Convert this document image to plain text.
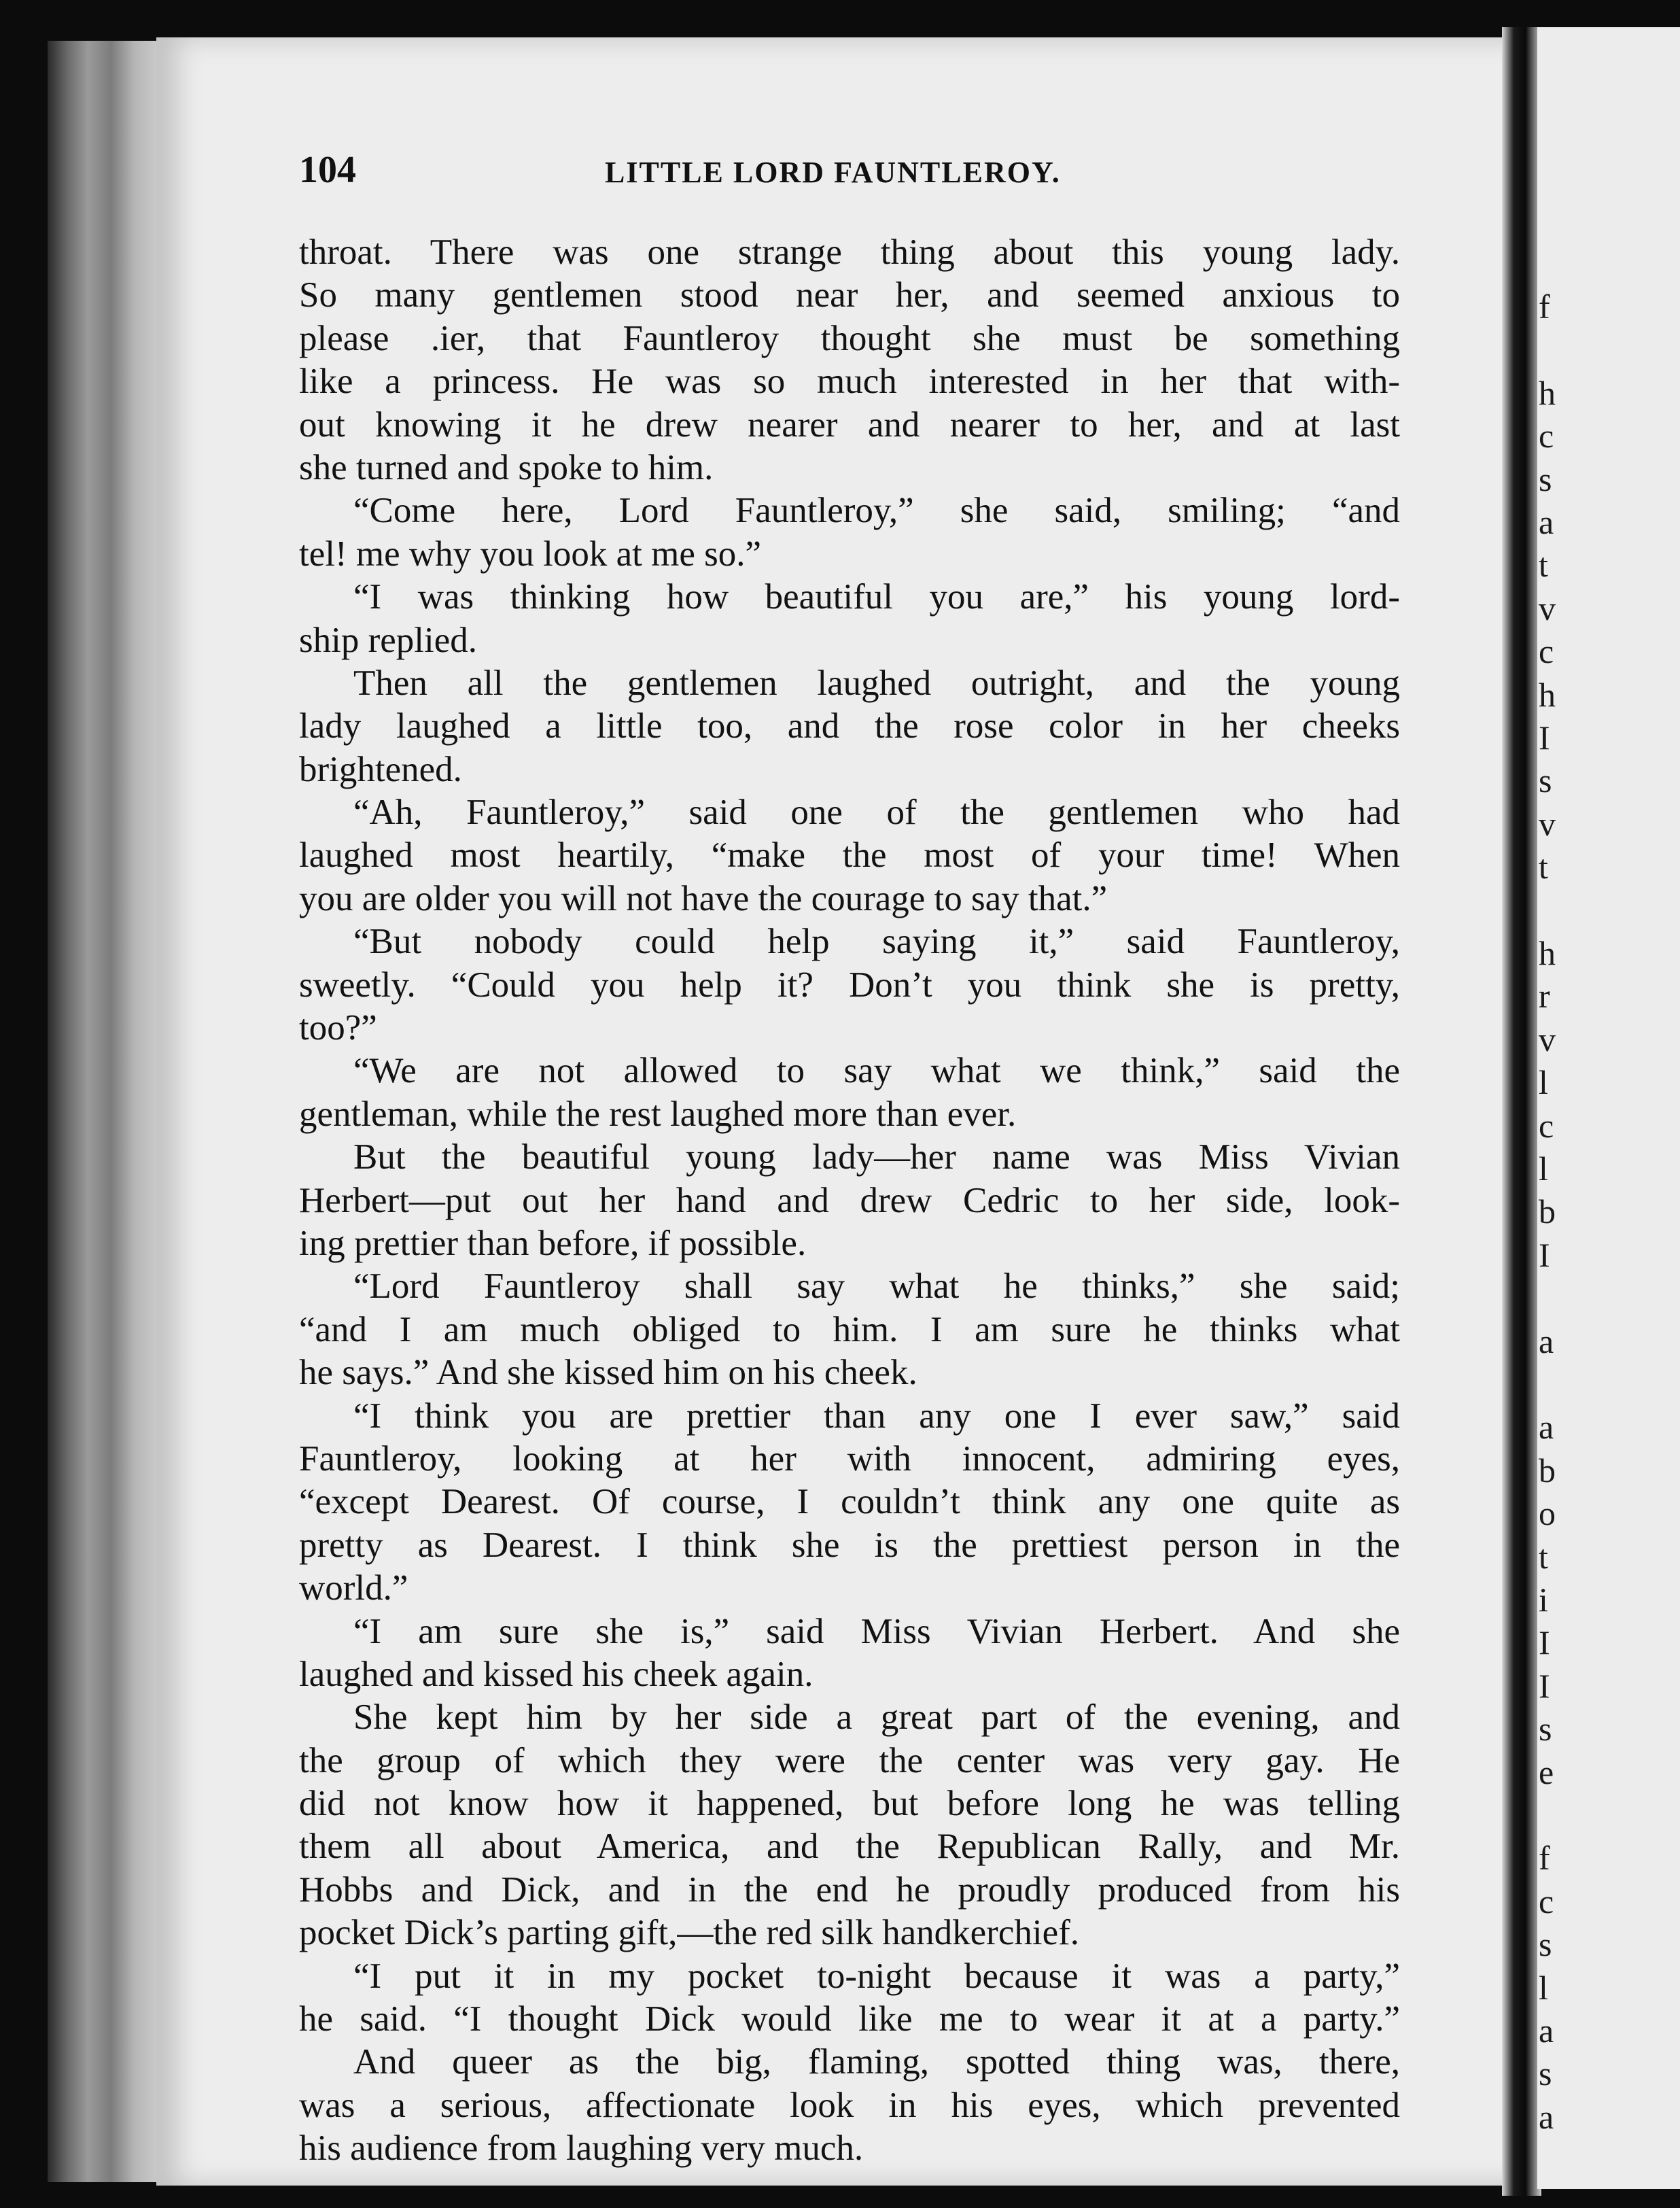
f
h
c
s
a
t
v
c
h
I
s
v
t
h
r
v
l
c
l
b
I
a
a
b
o
t
i
I
I
s
e
f
c
s
l
a
s
a
104	LITTLE LORD FAUNTLEROY.
throat. There was one strange thing about this young lady.
So many gentlemen stood near her, and seemed anxious to
please .ier, that Fauntleroy thought she must be something
like a princess. He was so much interested in her that with-
out knowing it he drew nearer and nearer to her, and at last
she turned and spoke to him.
“Come here, Lord Fauntleroy,” she said, smiling; “and
tel! me why you look at me so.”
“I was thinking how beautiful you are,” his young lord-
ship replied.
Then all the gentlemen laughed outright, and the young
lady laughed a little too, and the rose color in her cheeks
brightened.
“Ah, Fauntleroy,” said one of the gentlemen who had
laughed most heartily, “make the most of your time! When
you are older you will not have the courage to say that.”
“But nobody could help saying it,” said Fauntleroy,
sweetly. “Could you help it? Don’t you think she is pretty,
too?”
“We are not allowed to say what we think,” said the
gentleman, while the rest laughed more than ever.
But the beautiful young lady—her name was Miss Vivian
Herbert—put out her hand and drew Cedric to her side, look-
ing prettier than before, if possible.
“Lord Fauntleroy shall say what he thinks,” she said;
“and I am much obliged to him. I am sure he thinks what
he says.” And she kissed him on his cheek.
“I think you are prettier than any one I ever saw,” said
Fauntleroy, looking at her with innocent, admiring eyes,
“except Dearest. Of course, I couldn’t think any one quite as
pretty as Dearest. I think she is the prettiest person in the
world.”
“I am sure she is,” said Miss Vivian Herbert. And she
laughed and kissed his cheek again.
She kept him by her side a great part of the evening, and
the group of which they were the center was very gay. He
did not know how it happened, but before long he was telling
them all about America, and the Republican Rally, and Mr.
Hobbs and Dick, and in the end he proudly produced from his
pocket Dick’s parting gift,—the red silk handkerchief.
“I put it in my pocket to-night because it was a party,”
he said. “I thought Dick would like me to wear it at a party.”
And queer as the big, flaming, spotted thing was, there,
was a serious, affectionate look in his eyes, which prevented
his audience from laughing very much.
